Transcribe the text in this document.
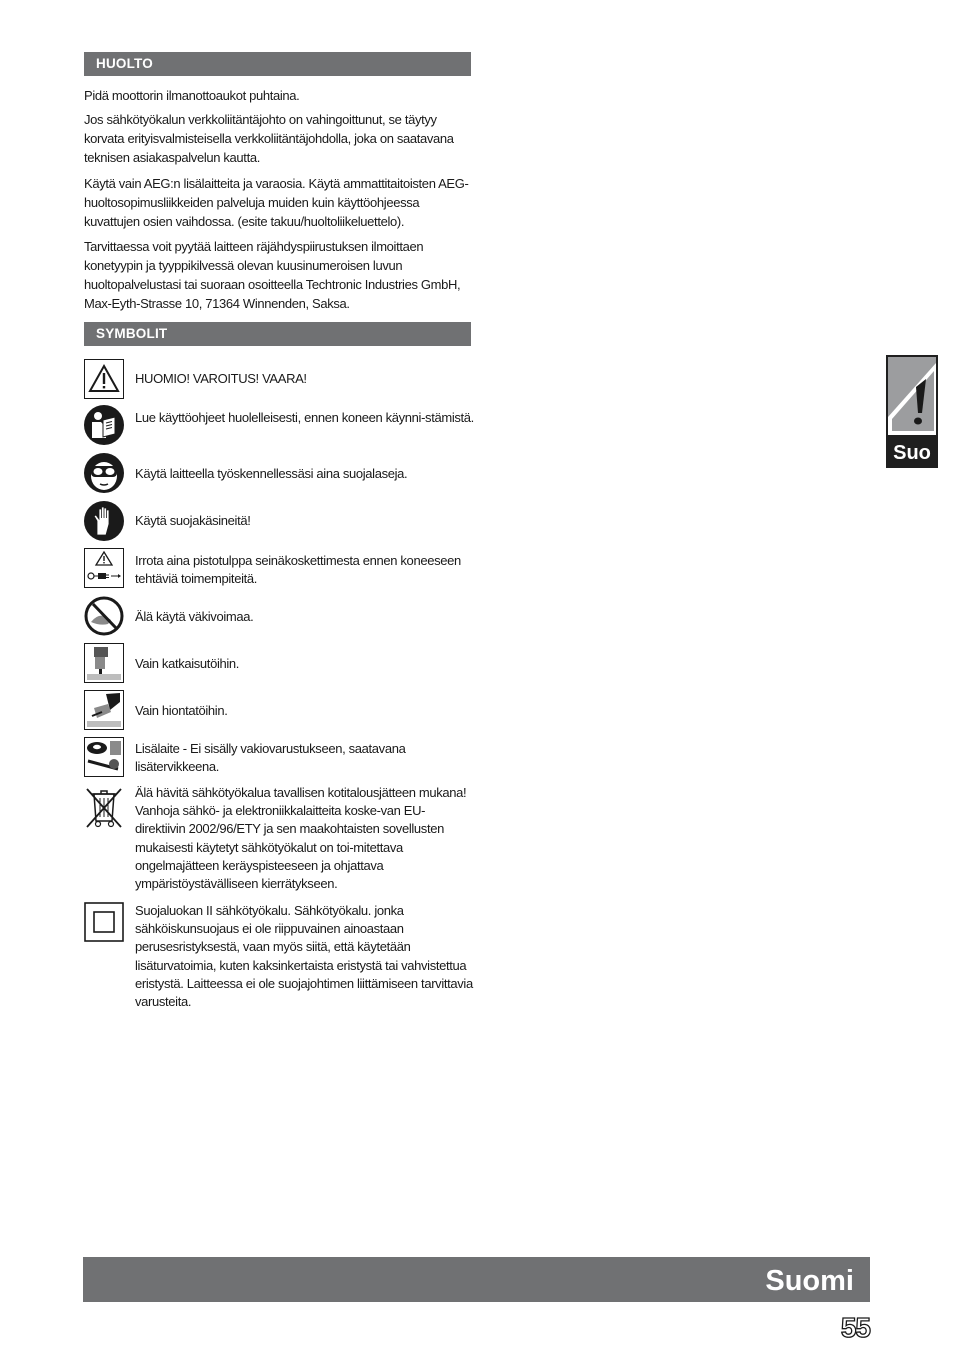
HUOLTO

Pidä moottorin ilmanottoaukot puhtaina.

Jos sähkötyökalun verkkoliitäntäjohto on vahingoittunut, se täytyy korvata erityisvalmisteisella verkkoliitäntäjohdolla, joka on saatavana teknisen asiakaspalvelun kautta.

Käytä vain AEG:n lisälaitteita ja varaosia. Käytä ammattitaitoisten AEG-huoltosopimusliikkeiden palveluja muiden kuin käyttöohjeessa kuvattujen osien vaihdossa. (esite takuu/huoltoliikeluettelo).

Tarvittaessa voit pyytää laitteen räjähdyspiirustuksen ilmoittaen konetyypin ja tyyppikilvessä olevan kuusinumeroisen luvun huoltopalvelustasi tai suoraan osoitteella Techtronic Industries GmbH, Max-Eyth-Strasse 10, 71364 Winnenden, Saksa.

SYMBOLIT
HUOMIO! VAROITUS! VAARA!
Lue käyttöohjeet huolelleisesti, ennen koneen käynni-stämistä.
Käytä laitteella työskennellessäsi aina suojalaseja.
Käytä suojakäsineitä!
Irrota aina pistotulppa seinäkoskettimesta ennen koneeseen tehtäviä toimempiteitä.
Älä käytä väkivoimaa.
Vain katkaisutöihin.
Vain hiontatöihin.
Lisälaite - Ei sisälly vakiovarustukseen, saatavana lisätervikkeena.
Älä hävitä sähkötyökalua tavallisen kotitalousjätteen mukana! Vanhoja sähkö- ja elektroniikkalaitteita koske-van EU-direktiivin 2002/96/ETY ja sen maakohtaisten sovellusten mukaisesti käytetyt sähkötyökalut on toi-mitettava ongelmajätteen keräyspisteeseen ja ohjattava ympäristöystävälliseen kierrätykseen.
Suojaluokan II sähkötyökalu. Sähkötyökalu. jonka sähköiskunsuojaus ei ole riippuvainen ainoastaan perusesristyksestä, vaan myös siitä, että käytetään lisäturvatoimia, kuten kaksinkertaista eristystä tai vahvistettua eristystä. Laitteessa ei ole suojajohtimen liittämiseen tarvittavia varusteita.
Suo
Suomi
55
